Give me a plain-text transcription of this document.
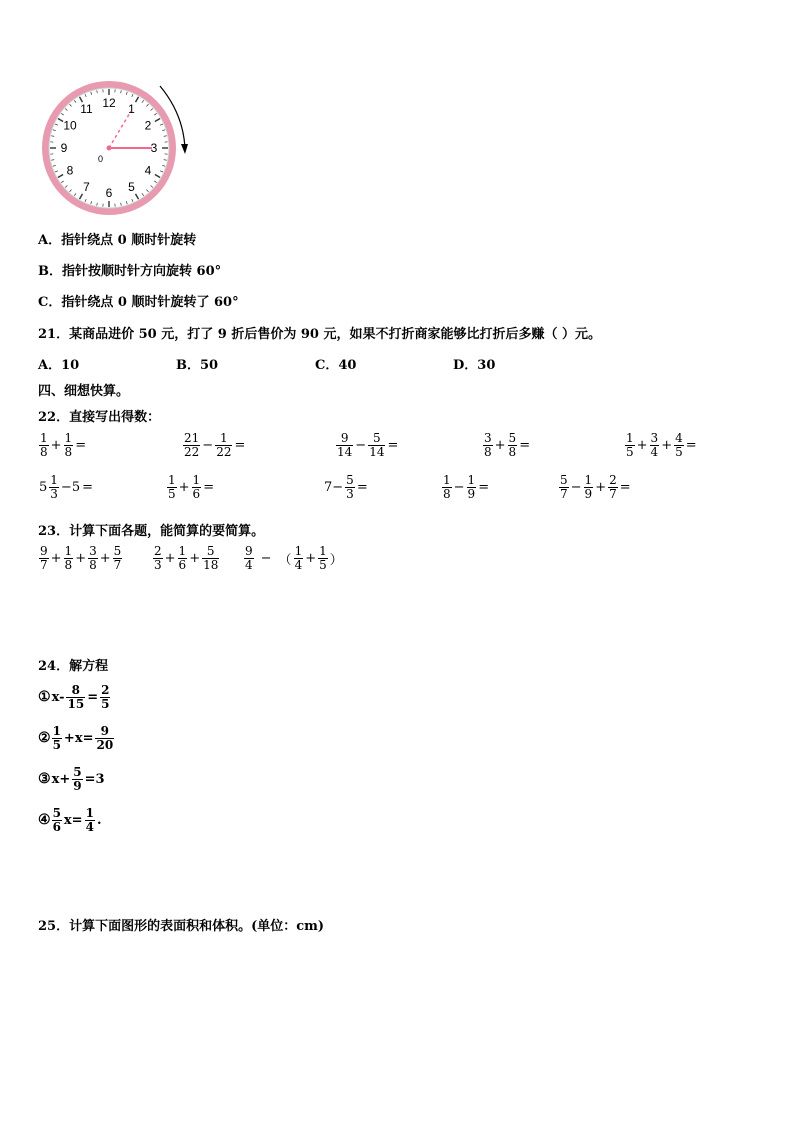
12 1
2
3
4
5
6
7
8
9
10
11
0
A．指针绕点 0 顺时针旋转
B．指针按顺时针方向旋转 60°
C．指针绕点 0 顺时针旋转了 60°
21．某商品进价 50 元，打了 9 折后售价为 90 元，如果不打折商家能够比打折后多赚（ ）元。
A．10	B．50	C．40	D．30
四、细想快算。
22．直接写出得数：
$\frac{1}{8} + \frac{1}{8}$ =	$\frac{21}{22} - \frac{1}{22}$ =	$\frac{9}{14} - \frac{5}{14}$ =	$\frac{3}{8} + \frac{5}{8}$ =	$\frac{1}{5} + \frac{3}{4} + \frac{4}{5}$ =
$5 \frac{1}{3} -5$ =	$\frac{1}{5} + \frac{1}{6}$ =	$7- \frac{5}{3}$ =	$\frac{1}{8} - \frac{1}{9}$ =	$\frac{5}{7} - \frac{1}{9} + \frac{2}{7}$ =
23．计算下面各题，能简算的要简算。
$\frac{9}{7} + \frac{1}{8} + \frac{3}{8} + \frac{5}{7}$	$\frac{2}{3} + \frac{1}{6} + \frac{5}{18} \frac{9}{4}$ − （ $\frac{1}{4} + \frac{1}{5}$ ）
24．解方程
① $x- \frac{8}{15} = \frac{2}{5}$
② $\frac{1}{5} +x= \frac{9}{20}$
③ $x+ \frac{5}{9} =3$
④ $\frac{5}{6} x= \frac{1}{4}$ .
25．计算下面图形的表面积和体积。(单位：cm)
